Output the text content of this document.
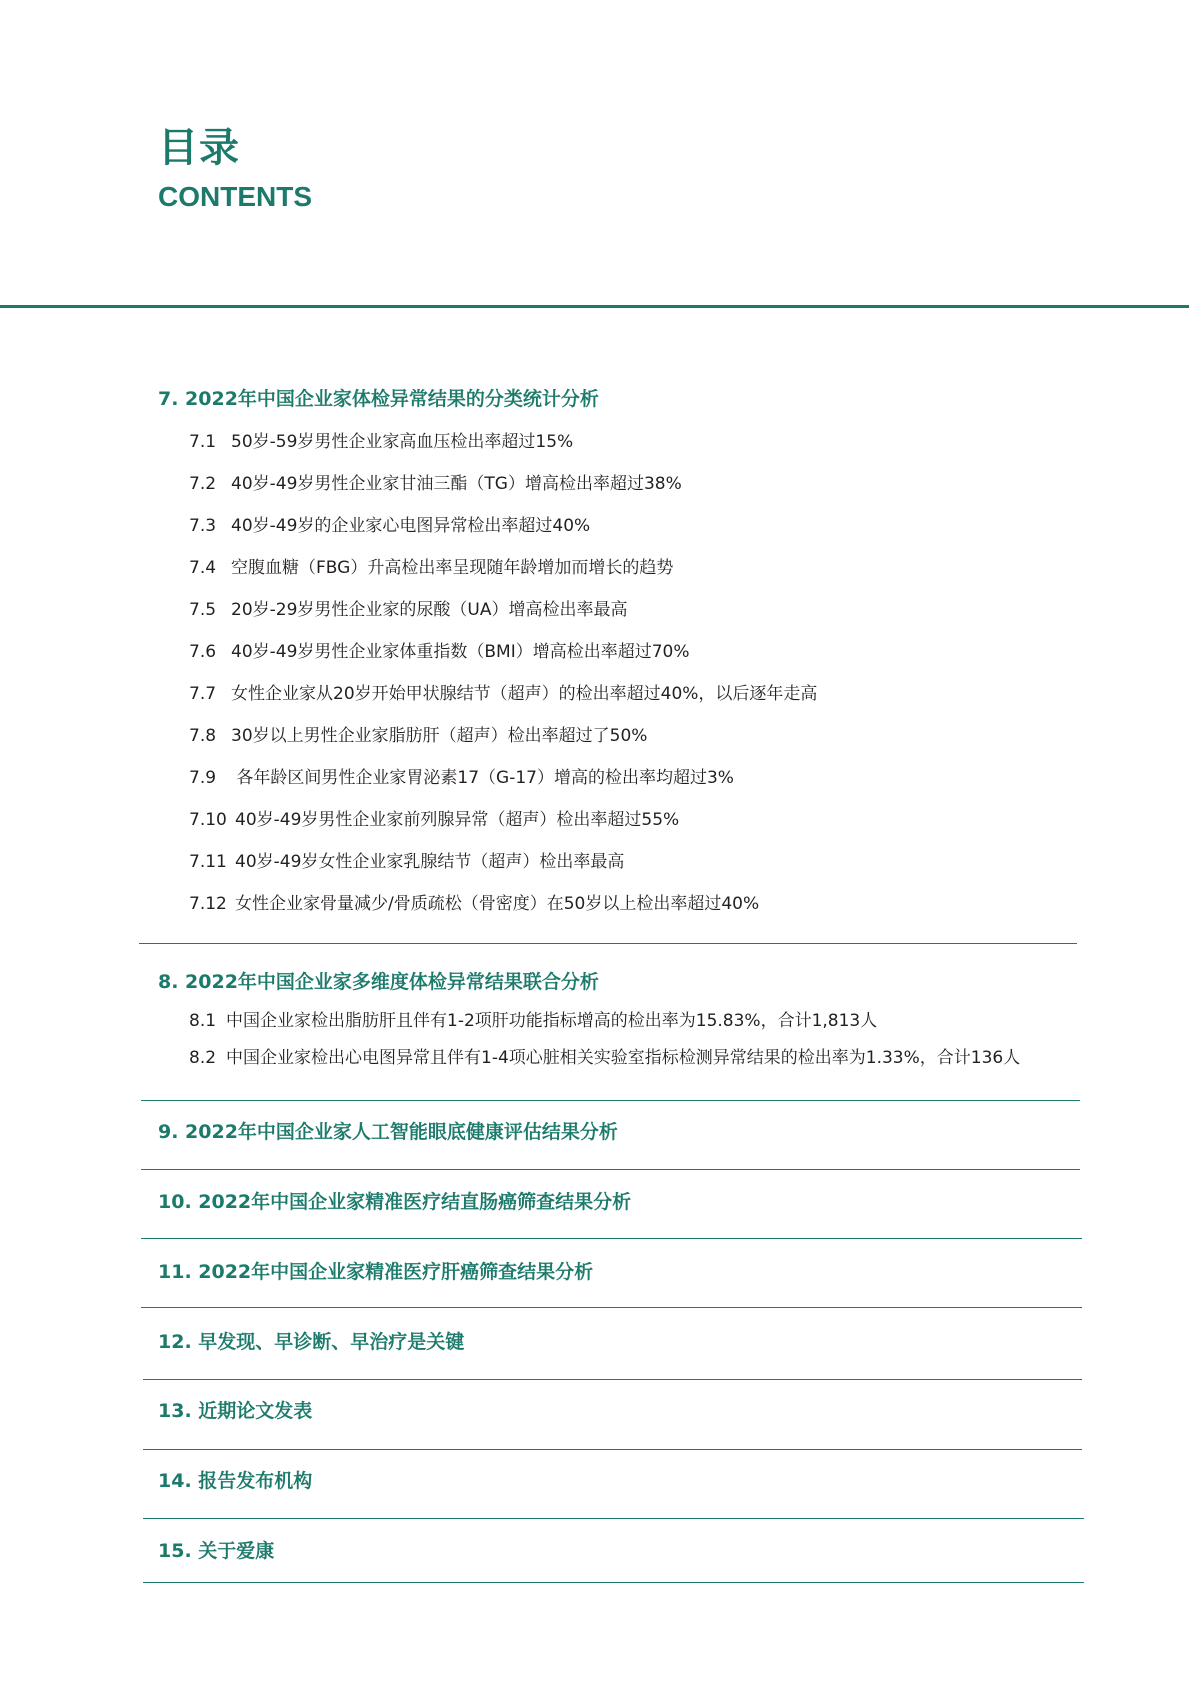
目录
CONTENTS
7. 2022年中国企业家体检异常结果的分类统计分析
7.1 50岁-59岁男性企业家高血压检出率超过15%
7.2 40岁-49岁男性企业家甘油三酯（TG）增高检出率超过38%
7.3 40岁-49岁的企业家心电图异常检出率超过40%
7.4 空腹血糖（FBG）升高检出率呈现随年龄增加而增长的趋势
7.5 20岁-29岁男性企业家的尿酸（UA）增高检出率最高
7.6 40岁-49岁男性企业家体重指数（BMI）增高检出率超过70%
7.7 女性企业家从20岁开始甲状腺结节（超声）的检出率超过40%，以后逐年走高
7.8 30岁以上男性企业家脂肪肝（超声）检出率超过了50%
7.9 各年龄区间男性企业家胃泌素17（G-17）增高的检出率均超过3%
7.10 40岁-49岁男性企业家前列腺异常（超声）检出率超过55%
7.11 40岁-49岁女性企业家乳腺结节（超声）检出率最高
7.12 女性企业家骨量减少/骨质疏松（骨密度）在50岁以上检出率超过40%
8. 2022年中国企业家多维度体检异常结果联合分析
8.1 中国企业家检出脂肪肝且伴有1-2项肝功能指标增高的检出率为15.83%，合计1,813人
8.2 中国企业家检出心电图异常且伴有1-4项心脏相关实验室指标检测异常结果的检出率为1.33%，合计136人
9. 2022年中国企业家人工智能眼底健康评估结果分析
10. 2022年中国企业家精准医疗结直肠癌筛查结果分析
11. 2022年中国企业家精准医疗肝癌筛查结果分析
12. 早发现、早诊断、早治疗是关键
13. 近期论文发表
14. 报告发布机构
15. 关于爱康
